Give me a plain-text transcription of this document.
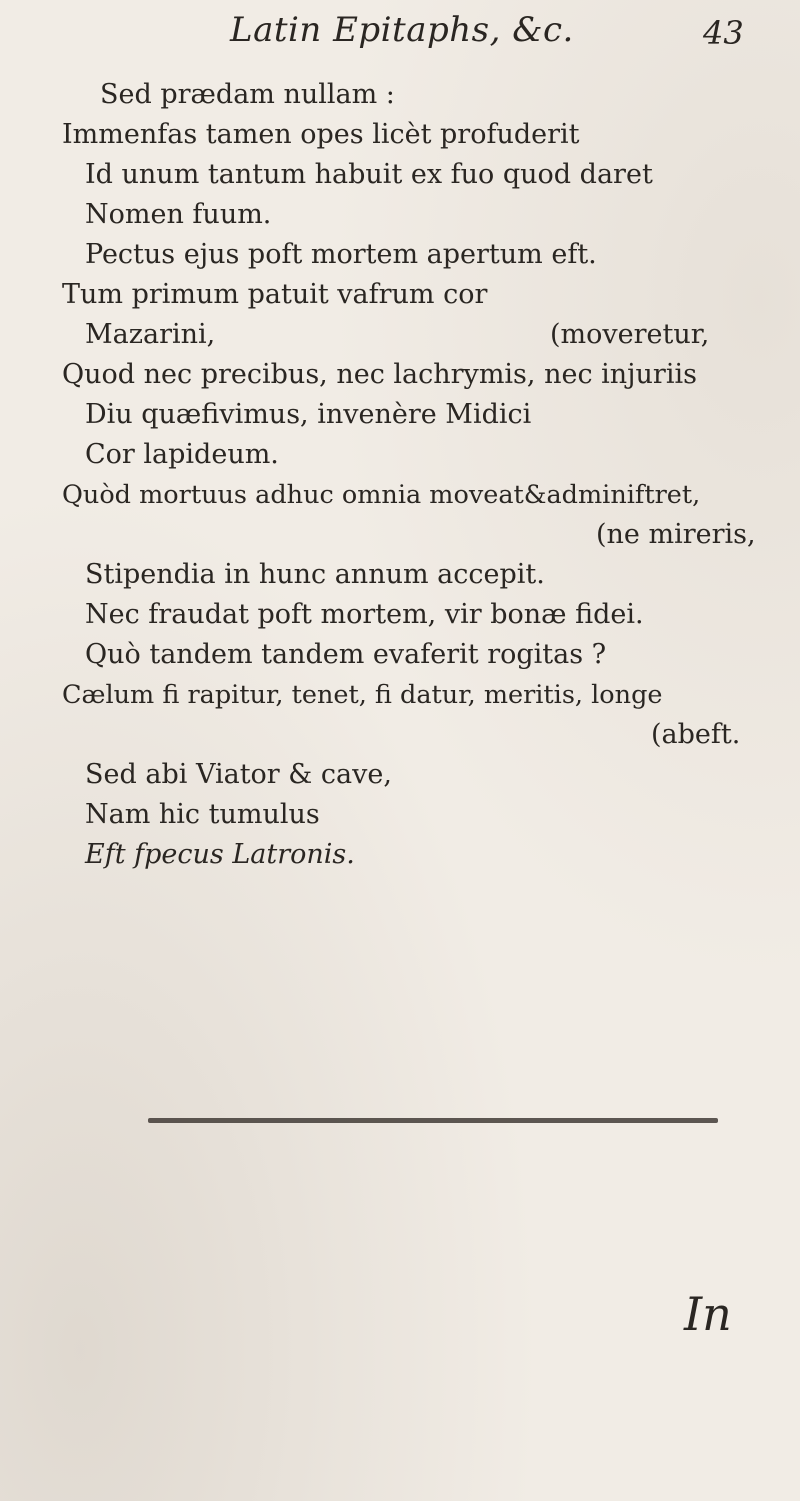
Latin Epitaphs, &c.	43
Sed prædam nullam :
Immenfas tamen opes licèt profuderit
Id unum tantum habuit ex fuo quod daret
Nomen fuum.
Pectus ejus poft mortem apertum eft.
Tum primum patuit vafrum cor
Mazarini,	(moveretur,
Quod nec precibus, nec lachrymis, nec injuriis
Diu quæfivimus, invenère Midici
Cor lapideum.
Quòd mortuus adhuc omnia moveat&adminiftret,
(ne mireris,
Stipendia in hunc annum accepit.
Nec fraudat poft mortem, vir bonæ fidei.
Quò tandem tandem evaferit rogitas ?
Cælum fi rapitur, tenet, fi datur, meritis, longe
(abeft.
Sed abi Viator & cave,
Nam hic tumulus
Eft fpecus Latronis.
In
